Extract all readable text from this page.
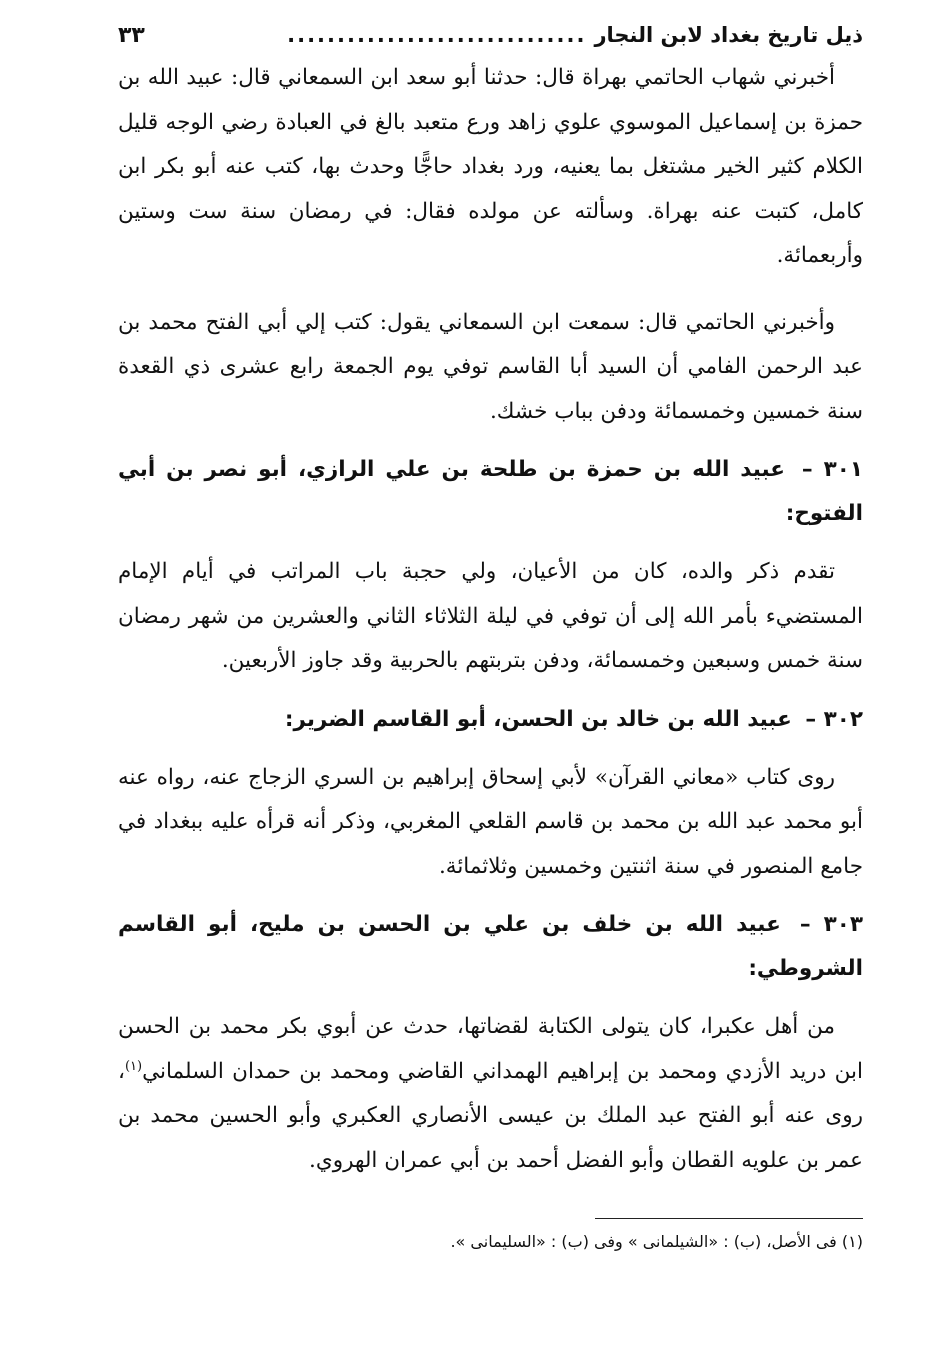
ذيل تاريخ بغداد لابن النجار
..............................
٣٣

أخبرني شهاب الحاتمي بهراة قال: حدثنا أبو سعد ابن السمعاني قال: عبيد الله بن حمزة بن إسماعيل الموسوي علوي زاهد ورع متعبد بالغ في العبادة رضي الوجه قليل الكلام كثير الخير مشتغل بما يعنيه، ورد بغداد حاجًّا وحدث بها، كتب عنه أبو بكر ابن كامل، كتبت عنه بهراة. وسألته عن مولده فقال: في رمضان سنة ست وستين وأربعمائة.

وأخبرني الحاتمي قال: سمعت ابن السمعاني يقول: كتب إلي أبي الفتح محمد بن عبد الرحمن الفامي أن السيد أبا القاسم توفي يوم الجمعة رابع عشرى ذي القعدة سنة خمسين وخمسمائة ودفن بباب خشك.

٣٠١ – عبيد الله بن حمزة بن طلحة بن علي الرازي، أبو نصر بن أبي الفتوح:

تقدم ذكر والده، كان من الأعيان، ولي حجبة باب المراتب في أيام الإمام المستضيء بأمر الله إلى أن توفي في ليلة الثلاثاء الثاني والعشرين من شهر رمضان سنة خمس وسبعين وخمسمائة، ودفن بتربتهم بالحربية وقد جاوز الأربعين.

٣٠٢ – عبيد الله بن خالد بن الحسن، أبو القاسم الضرير:

روى كتاب «معاني القرآن» لأبي إسحاق إبراهيم بن السري الزجاج عنه، رواه عنه أبو محمد عبد الله بن محمد بن قاسم القلعي المغربي، وذكر أنه قرأه عليه ببغداد في جامع المنصور في سنة اثنتين وخمسين وثلاثمائة.

٣٠٣ – عبيد الله بن خلف بن علي بن الحسن بن مليح، أبو القاسم الشروطي:

من أهل عكبرا، كان يتولى الكتابة لقضاتها، حدث عن أبوي بكر محمد بن الحسن ابن دريد الأزدي ومحمد بن إبراهيم الهمداني القاضي ومحمد بن حمدان السلماني$^{(١)}$، روى عنه أبو الفتح عبد الملك بن عيسى الأنصاري العكبري وأبو الحسين محمد بن عمر بن علويه القطان وأبو الفضل أحمد بن أبي عمران الهروي.

(١) فى الأصل، (ب) : «الشيلمانى » وفى (ب) : «السليمانى ».
